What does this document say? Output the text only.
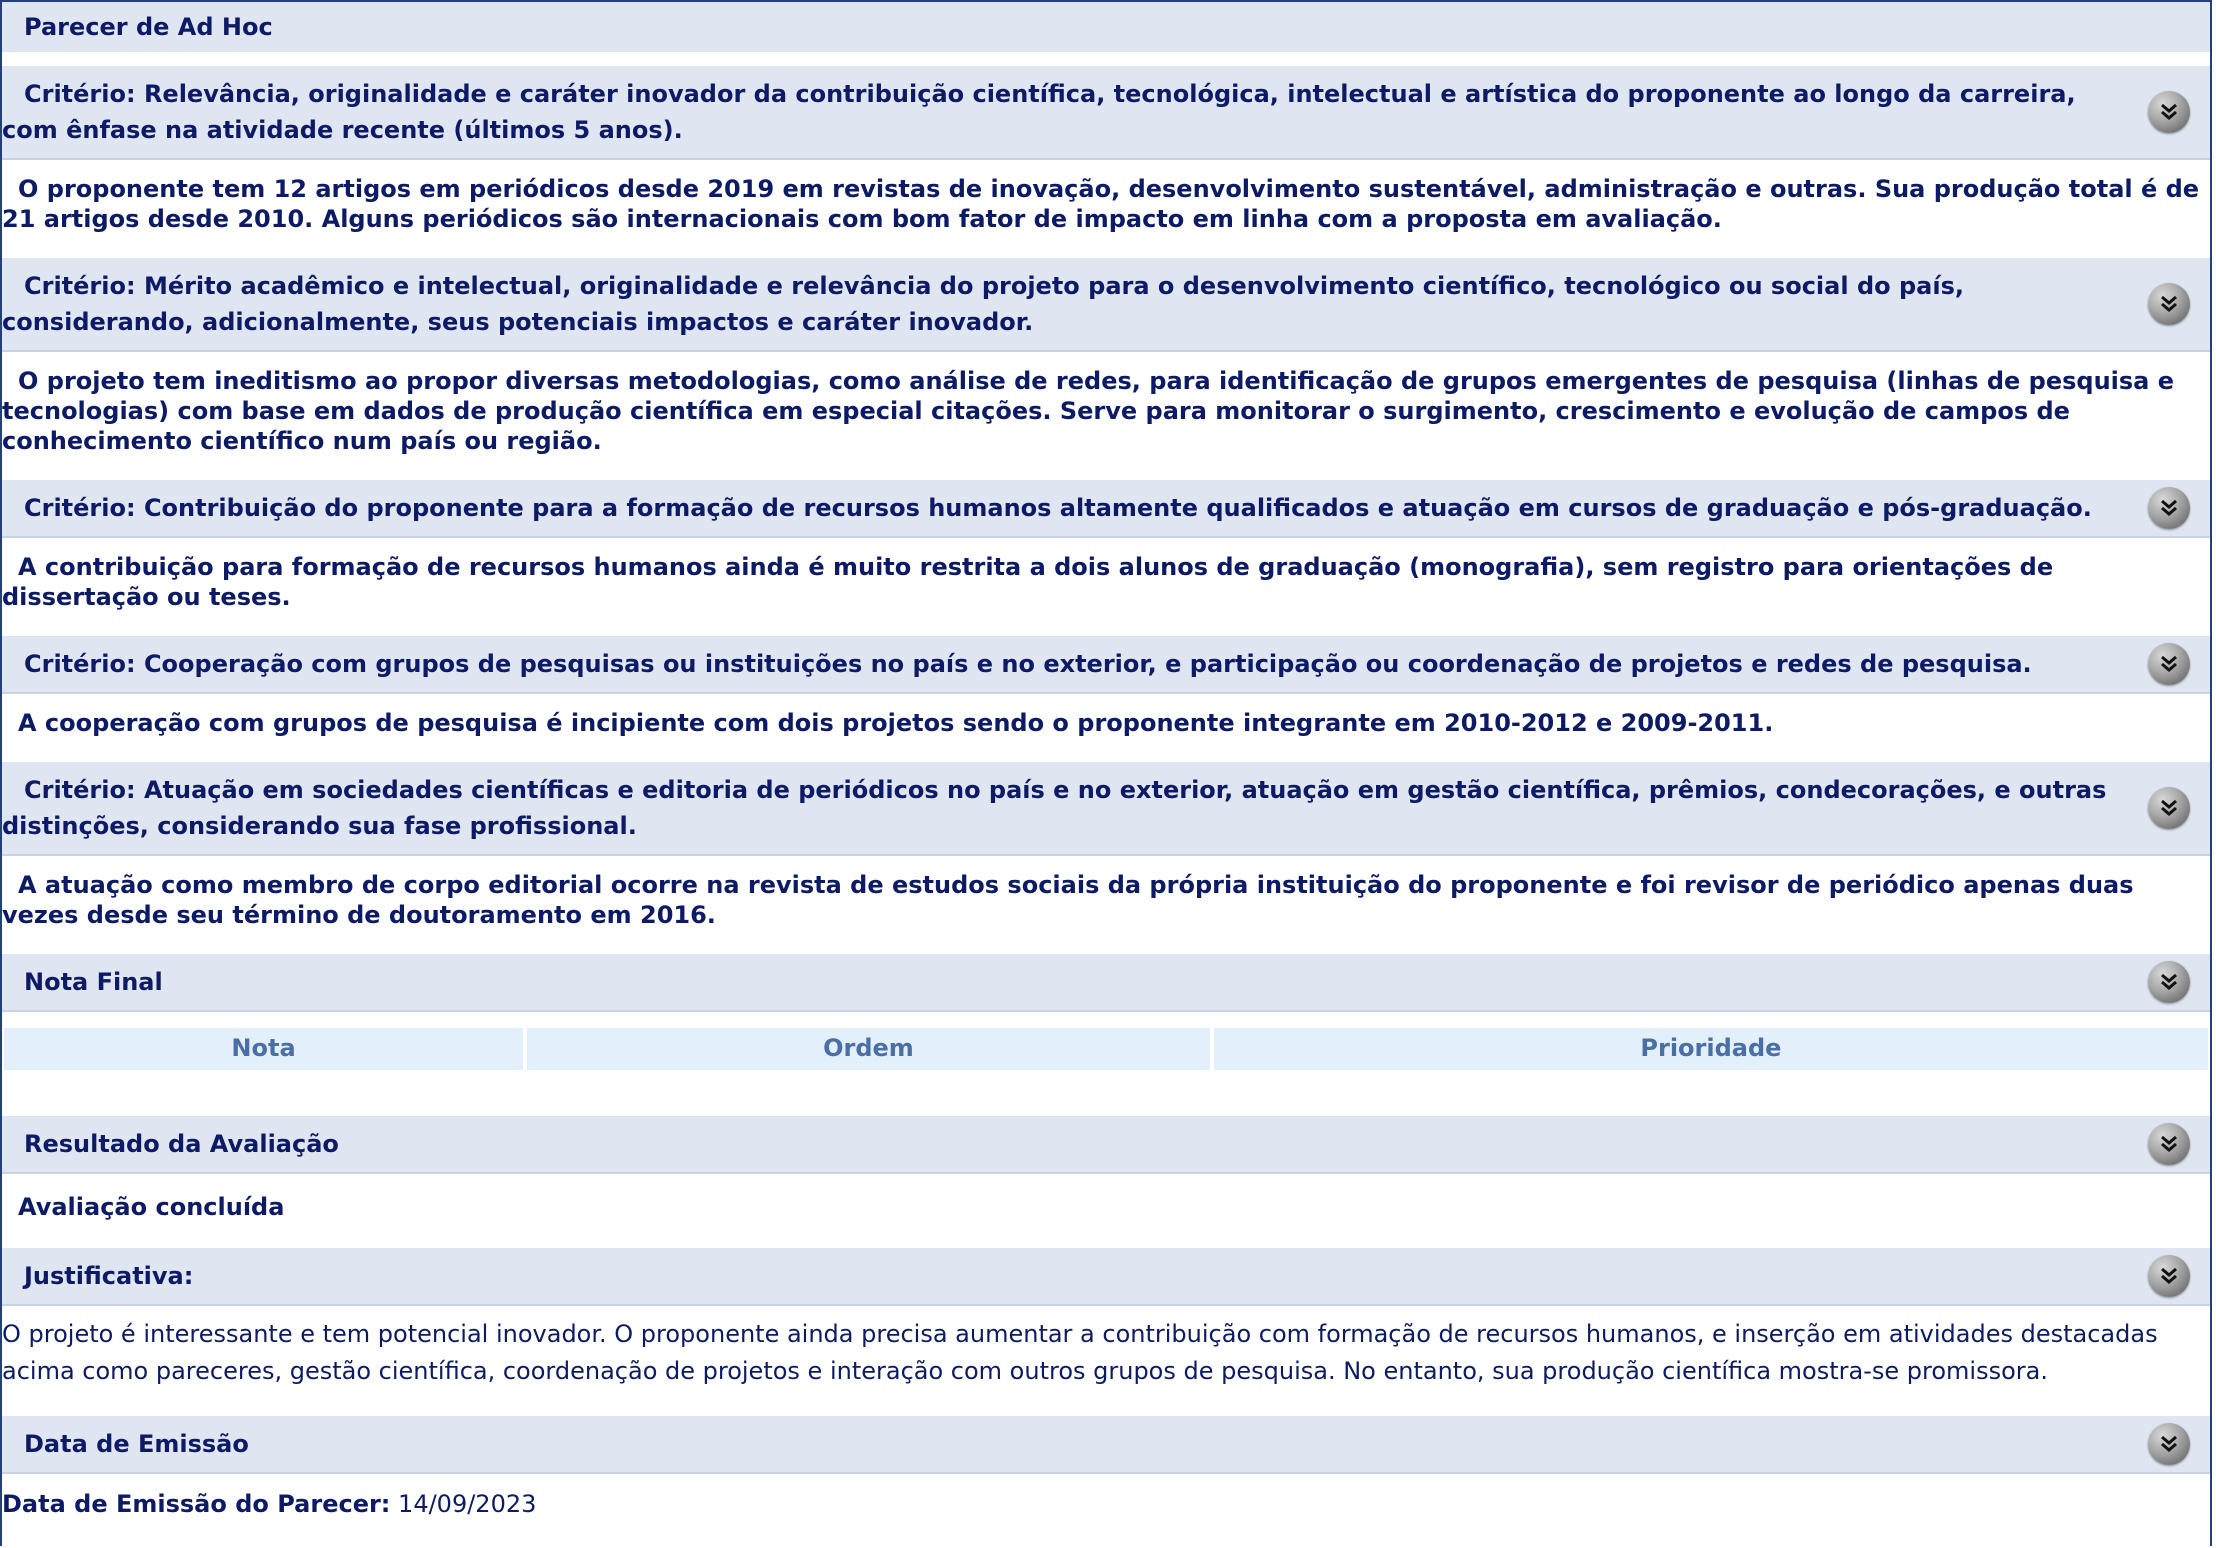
Parecer de Ad Hoc
Critério: Relevância, originalidade e caráter inovador da contribuição científica, tecnológica, intelectual e artística do proponente ao longo da carreira, com ênfase na atividade recente (últimos 5 anos).
O proponente tem 12 artigos em periódicos desde 2019 em revistas de inovação, desenvolvimento sustentável, administração e outras. Sua produção total é de 21 artigos desde 2010. Alguns periódicos são internacionais com bom fator de impacto em linha com a proposta em avaliação.
Critério: Mérito acadêmico e intelectual, originalidade e relevância do projeto para o desenvolvimento científico, tecnológico ou social do país, considerando, adicionalmente, seus potenciais impactos e caráter inovador.
O projeto tem ineditismo ao propor diversas metodologias, como análise de redes, para identificação de grupos emergentes de pesquisa (linhas de pesquisa e tecnologias) com base em dados de produção científica em especial citações. Serve para monitorar o surgimento, crescimento e evolução de campos de conhecimento científico num país ou região.
Critério: Contribuição do proponente para a formação de recursos humanos altamente qualificados e atuação em cursos de graduação e pós-graduação.
A contribuição para formação de recursos humanos ainda é muito restrita a dois alunos de graduação (monografia), sem registro para orientações de dissertação ou teses.
Critério: Cooperação com grupos de pesquisas ou instituições no país e no exterior, e participação ou coordenação de projetos e redes de pesquisa.
A cooperação com grupos de pesquisa é incipiente com dois projetos sendo o proponente integrante em 2010-2012 e 2009-2011.
Critério: Atuação em sociedades científicas e editoria de periódicos no país e no exterior, atuação em gestão científica, prêmios, condecorações, e outras distinções, considerando sua fase profissional.
A atuação como membro de corpo editorial ocorre na revista de estudos sociais da própria instituição do proponente e foi revisor de periódico apenas duas vezes desde seu término de doutoramento em 2016.
Nota Final
Nota	Ordem	Prioridade
Resultado da Avaliação
Avaliação concluída
Justificativa:
O projeto é interessante e tem potencial inovador. O proponente ainda precisa aumentar a contribuição com formação de recursos humanos, e inserção em atividades destacadas acima como pareceres, gestão científica, coordenação de projetos e interação com outros grupos de pesquisa. No entanto, sua produção científica mostra-se promissora.
Data de Emissão
Data de Emissão do Parecer: 14/09/2023
